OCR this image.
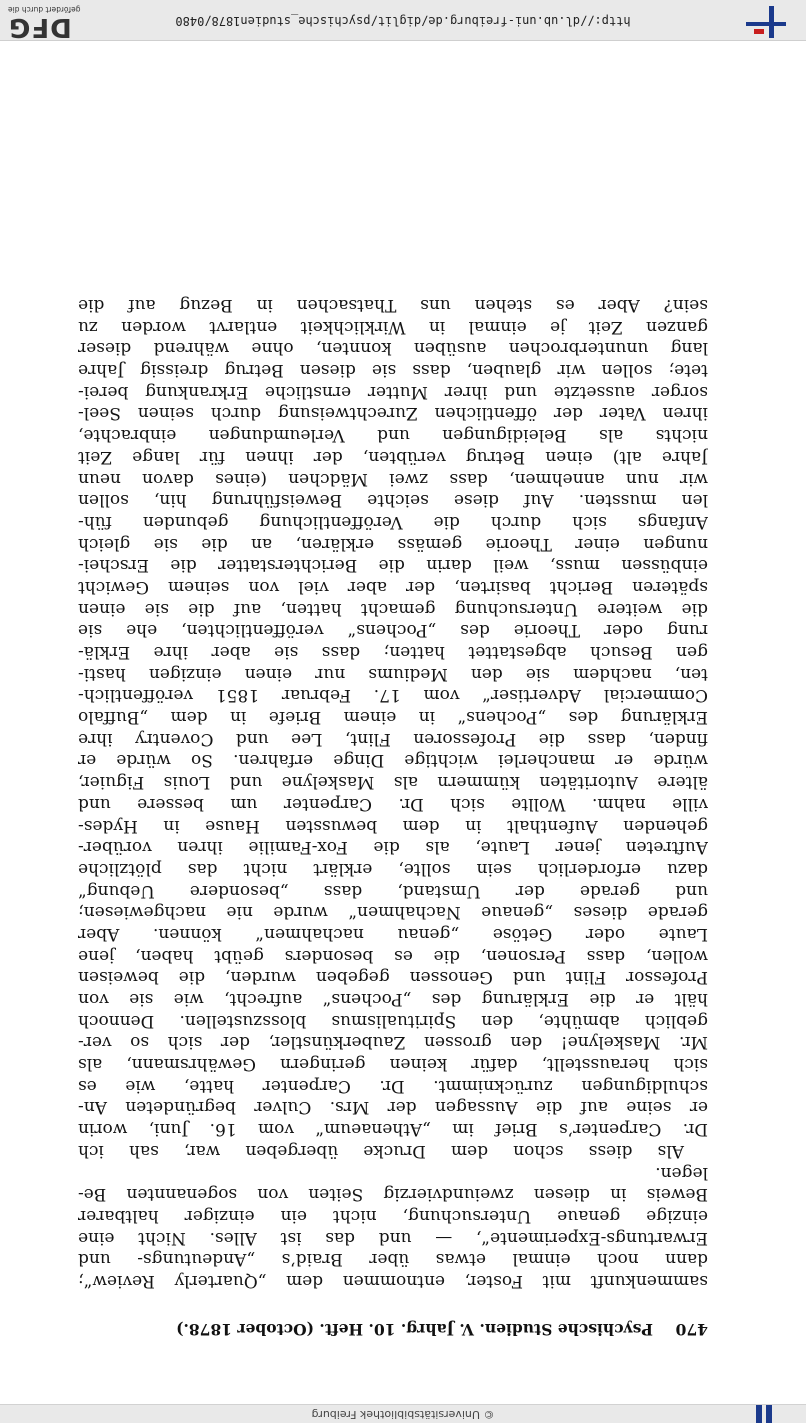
© Universitätsbibliothek Freiburg
470
Psychische Studien. V. Jahrg. 10. Heft. (October 1878.)
sammenkunft mit Foster, entnommen dem „Quarterly Review“;
dann noch einmal etwas über Braid’s „Andeutungs- und
Erwartungs-Experimente“, — und das ist Alles. Nicht eine
einzige genaue Untersuchung, nicht ein einziger haltbarer
Beweis in diesen zweiundvierzig Seiten von sogenannten Be-
legen.
Als diess schon dem Drucke übergeben war, sah ich
Dr. Carpenter’s Brief im „Athenaeum“ vom 16. Juni, worin
er seine auf die Aussagen der Mrs. Culver begründeten An-
schuldigungen zurücknimmt. Dr. Carpenter hatte, wie es
sich herausstellt, dafür keinen geringern Gewährsmann, als
Mr. Maskelyne! den grossen Zauberkünstler, der sich so ver-
geblich abmühte, den Spiritualismus blosszustellen. Dennoch
hält er die Erklärung des „Pochens“ aufrecht, wie sie von
Professor Flint und Genossen gegeben wurden, die beweisen
wollen, dass Personen, die es besonders geübt haben, jene
Laute oder Getöse „genau nachahmen“ können. Aber
gerade dieses „genaue Nachahmen“ wurde nie nachgewiesen;
und gerade der Umstand, dass „besondere Uebung“
dazu erforderlich sein sollte, erklärt nicht das plötzliche
Auftreten jener Laute, als die Fox-Familie ihren vorüber-
gehenden Aufenthalt in dem bewussten Hause in Hydes-
ville nahm. Wollte sich Dr. Carpenter um bessere und
ältere Autoritäten kümmern als Maskelyne und Louis Figuier,
würde er mancherlei wichtige Dinge erfahren. So würde er
finden, dass die Professoren Flint, Lee und Coventry ihre
Erklärung des „Pochens“ in einem Briefe in dem „Buffalo
Commercial Advertiser“ vom 17. Februar 1851 veröffentlich-
ten, nachdem sie den Mediums nur einen einzigen hasti-
gen Besuch abgestattet hatten; dass sie aber ihre Erklä-
rung oder Theorie des „Pochens“ veröffentlichten, ehe sie
die weitere Untersuchung gemacht hatten, auf die sie einen
späteren Bericht basirten, der aber viel von seinem Gewicht
einbüssen muss, weil darin die Berichterstatter die Erschei-
nungen einer Theorie gemäss erklären, an die sie gleich
Anfangs sich durch die Veröffentlichung gebunden füh-
len mussten. Auf diese seichte Beweisführung hin, sollen
wir nun annehmen, dass zwei Mädchen (eines davon neun
Jahre alt) einen Betrug verübten, der ihnen für lange Zeit
nichts als Beleidigungen und Verleumdungen einbrachte,
ihren Vater der öffentlichen Zurechtweisung durch seinen Seel-
sorger aussetzte und ihrer Mutter ernstliche Erkrankung berei-
tete; sollen wir glauben, dass sie diesen Betrug dreissig Jahre
lang ununterbrochen ausüben konnten, ohne während dieser
ganzen Zeit je einmal in Wirklichkeit entlarvt worden zu
sein? Aber es stehen uns Thatsachen in Bezug auf die
http://dl.ub.uni-freiburg.de/diglit/psychische_studien1878/0480
DFG
gefördert durch die
